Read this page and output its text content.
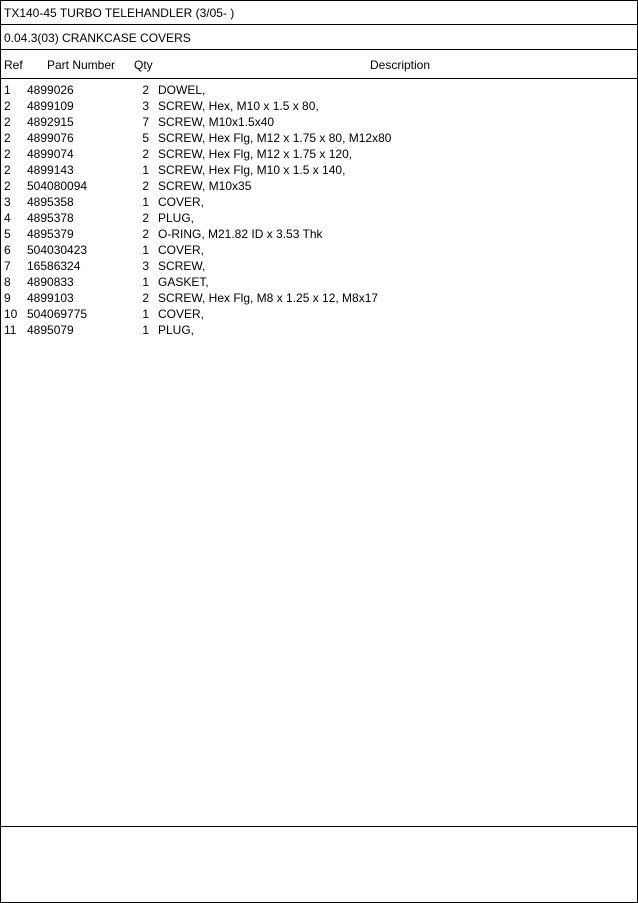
TX140-45 TURBO TELEHANDLER (3/05- )
0.04.3(03) CRANKCASE COVERS
Ref Part Number Qty	Description
1 4899026	2 DOWEL,
2 4899109	3 SCREW, Hex, M10 x 1.5 x 80,
2 4892915	7 SCREW, M10x1.5x40
2 4899076	5 SCREW, Hex Flg, M12 x 1.75 x 80, M12x80
2 4899074	2 SCREW, Hex Flg, M12 x 1.75 x 120,
2 4899143	1 SCREW, Hex Flg, M10 x 1.5 x 140,
2 504080094	2 SCREW, M10x35
3 4895358	1 COVER,
4 4895378	2 PLUG,
5 4895379	2 O-RING, M21.82 ID x 3.53 Thk
6 504030423	1 COVER,
7 16586324	3 SCREW,
8 4890833	1 GASKET,
9 4899103	2 SCREW, Hex Flg, M8 x 1.25 x 12, M8x17
10 504069775	1 COVER,
11 4895079	1 PLUG,
